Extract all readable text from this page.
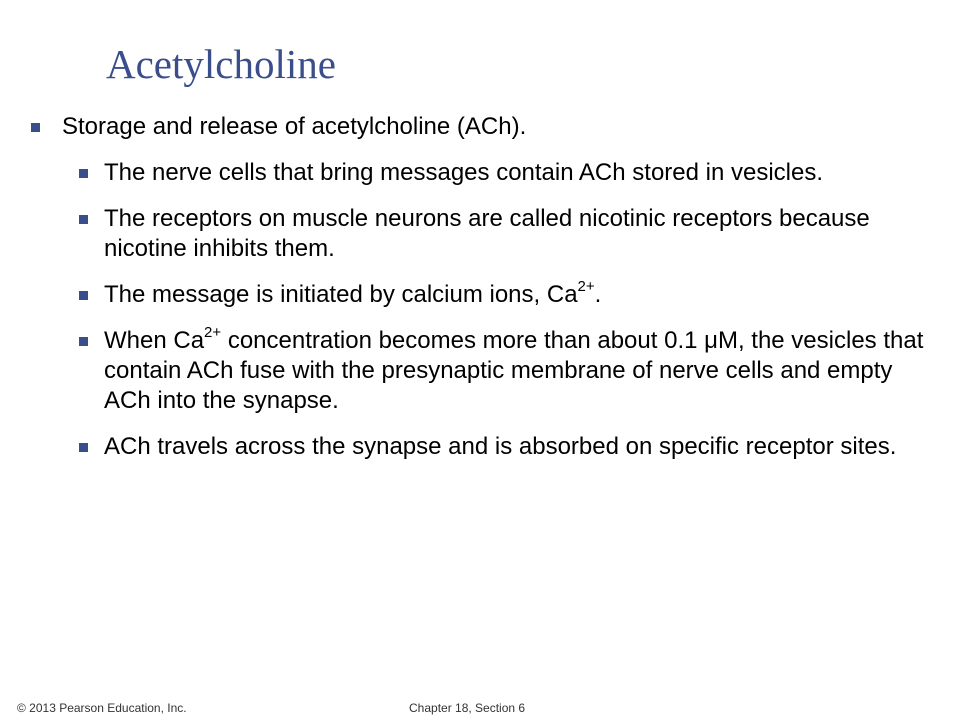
Acetylcholine
Storage and release of acetylcholine (ACh).
The nerve cells that bring messages contain ACh stored in vesicles.
The receptors on muscle neurons are called nicotinic receptors because nicotine inhibits them.
The message is initiated by calcium ions, $Ca^{2+}$.
When $Ca^{2+}$ concentration becomes more than about 0.1 μM, the vesicles that contain ACh fuse with the presynaptic membrane of nerve cells and empty ACh into the synapse.
ACh travels across the synapse and is absorbed on specific receptor sites.
© 2013 Pearson Education, Inc.	Chapter 18, Section 6
